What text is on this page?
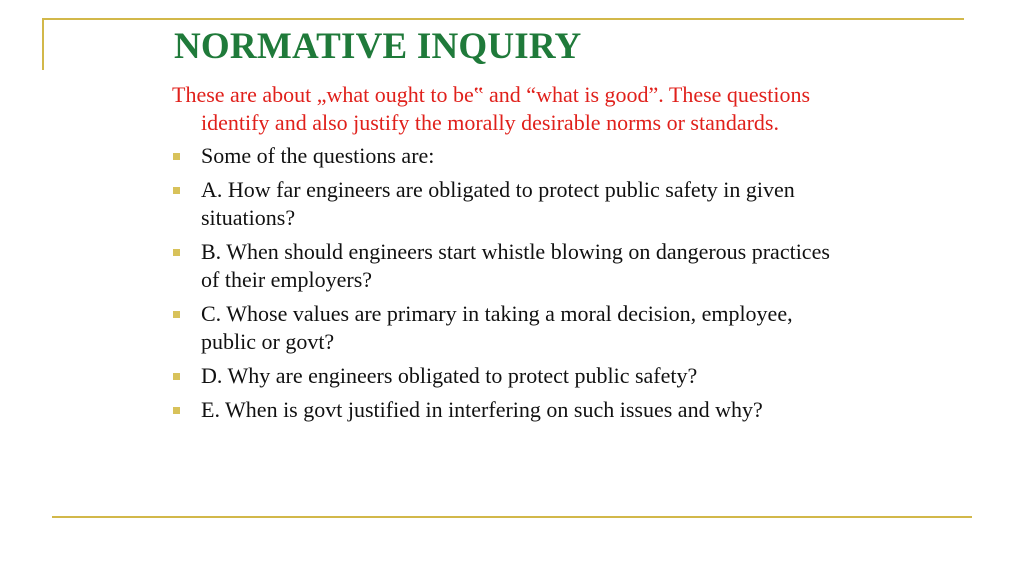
NORMATIVE INQUIRY

These are about „what ought to be‟ and “what is good”. These questions identify and also justify the morally desirable norms or standards.

Some of the questions are:
A. How far engineers are obligated to protect public safety in given situations?
B. When should engineers start whistle blowing on dangerous practices of their employers?
C. Whose values are primary in taking a moral decision, employee, public or govt?
D. Why are engineers obligated to protect public safety?
E. When is govt justified in interfering on such issues and why?
